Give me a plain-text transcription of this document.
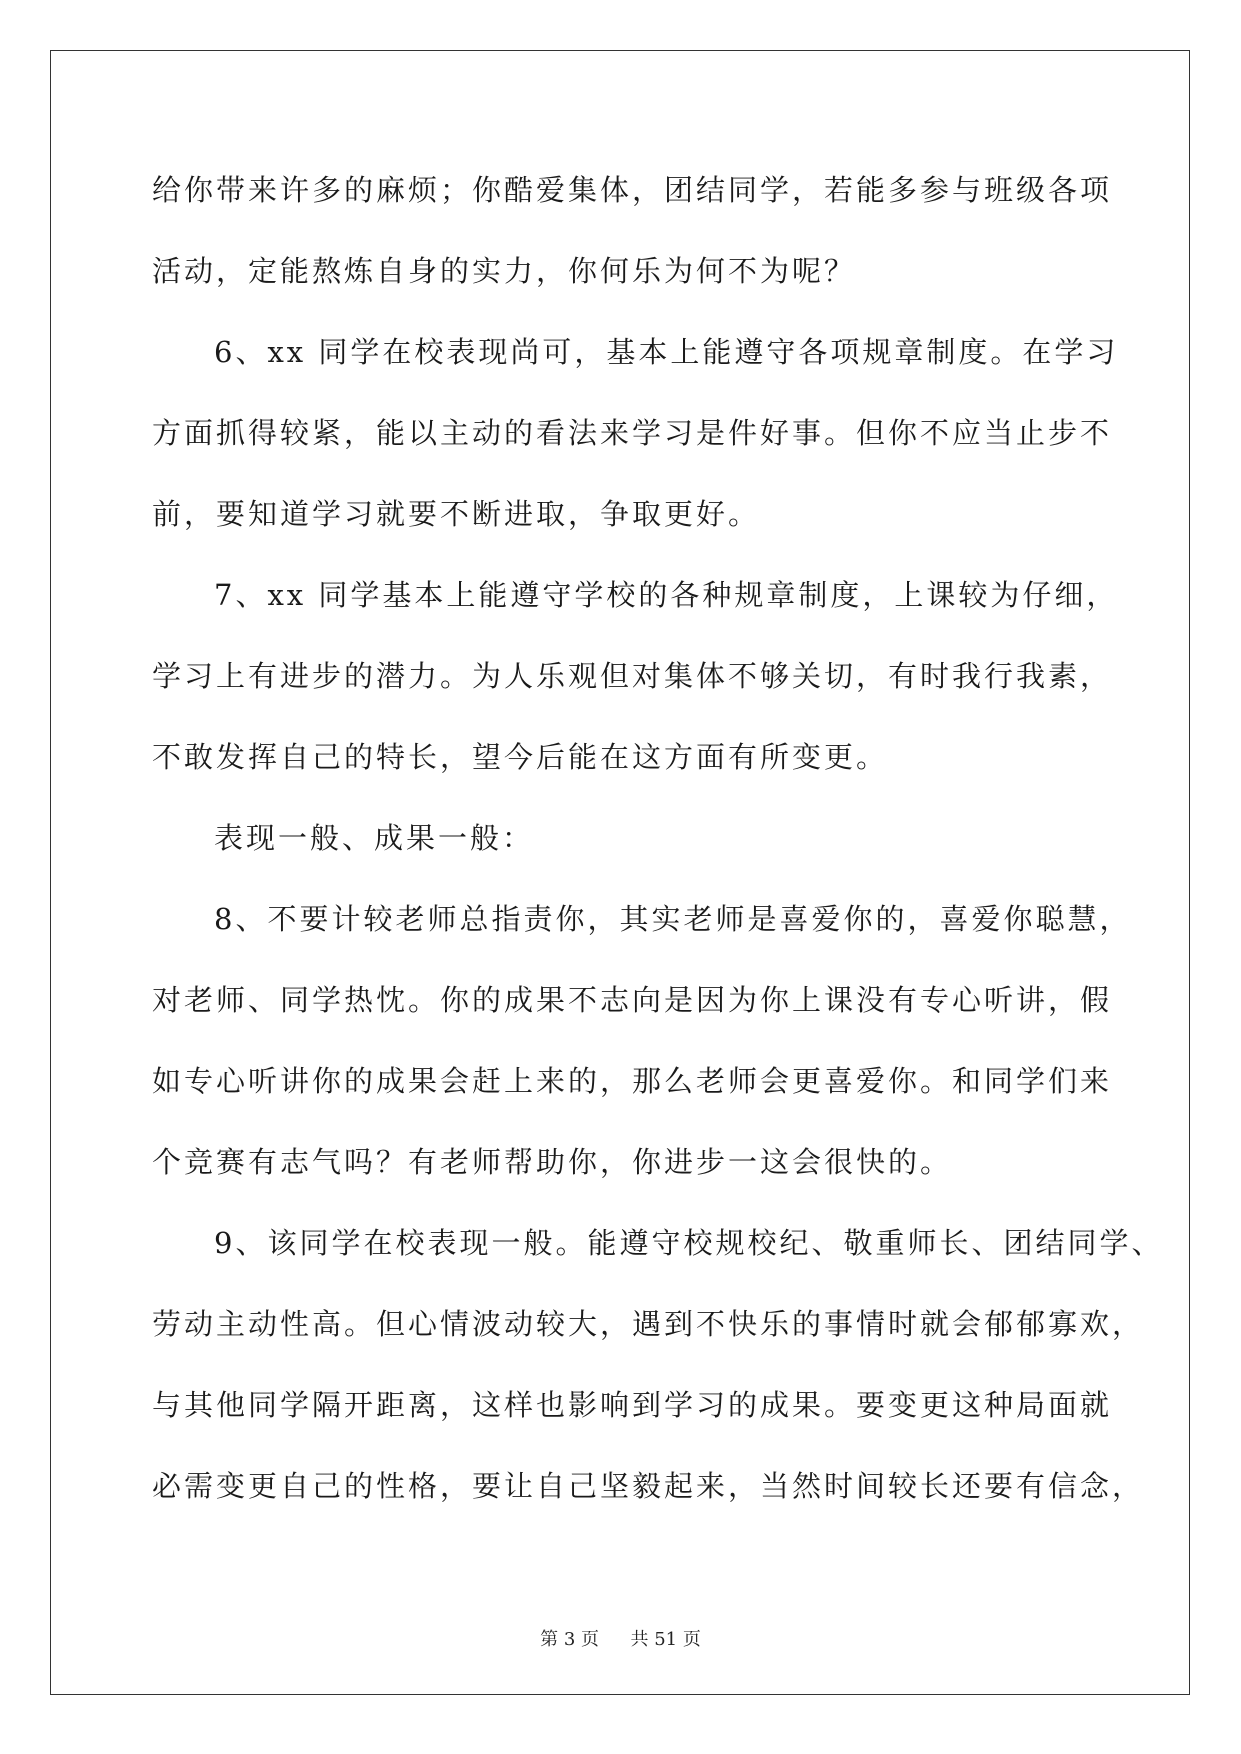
给你带来许多的麻烦；你酷爱集体，团结同学，若能多参与班级各项
活动，定能熬炼自身的实力，你何乐为何不为呢？
6、xx 同学在校表现尚可，基本上能遵守各项规章制度。在学习
方面抓得较紧，能以主动的看法来学习是件好事。但你不应当止步不
前，要知道学习就要不断进取，争取更好。
7、xx 同学基本上能遵守学校的各种规章制度，上课较为仔细，
学习上有进步的潜力。为人乐观但对集体不够关切，有时我行我素，
不敢发挥自己的特长，望今后能在这方面有所变更。
表现一般、成果一般：
8、不要计较老师总指责你，其实老师是喜爱你的，喜爱你聪慧，
对老师、同学热忱。你的成果不志向是因为你上课没有专心听讲，假
如专心听讲你的成果会赶上来的，那么老师会更喜爱你。和同学们来
个竞赛有志气吗？有老师帮助你，你进步一这会很快的。
9、该同学在校表现一般。能遵守校规校纪、敬重师长、团结同学、
劳动主动性高。但心情波动较大，遇到不快乐的事情时就会郁郁寡欢，
与其他同学隔开距离，这样也影响到学习的成果。要变更这种局面就
必需变更自己的性格，要让自己坚毅起来，当然时间较长还要有信念，
第 3 页 共 51 页
